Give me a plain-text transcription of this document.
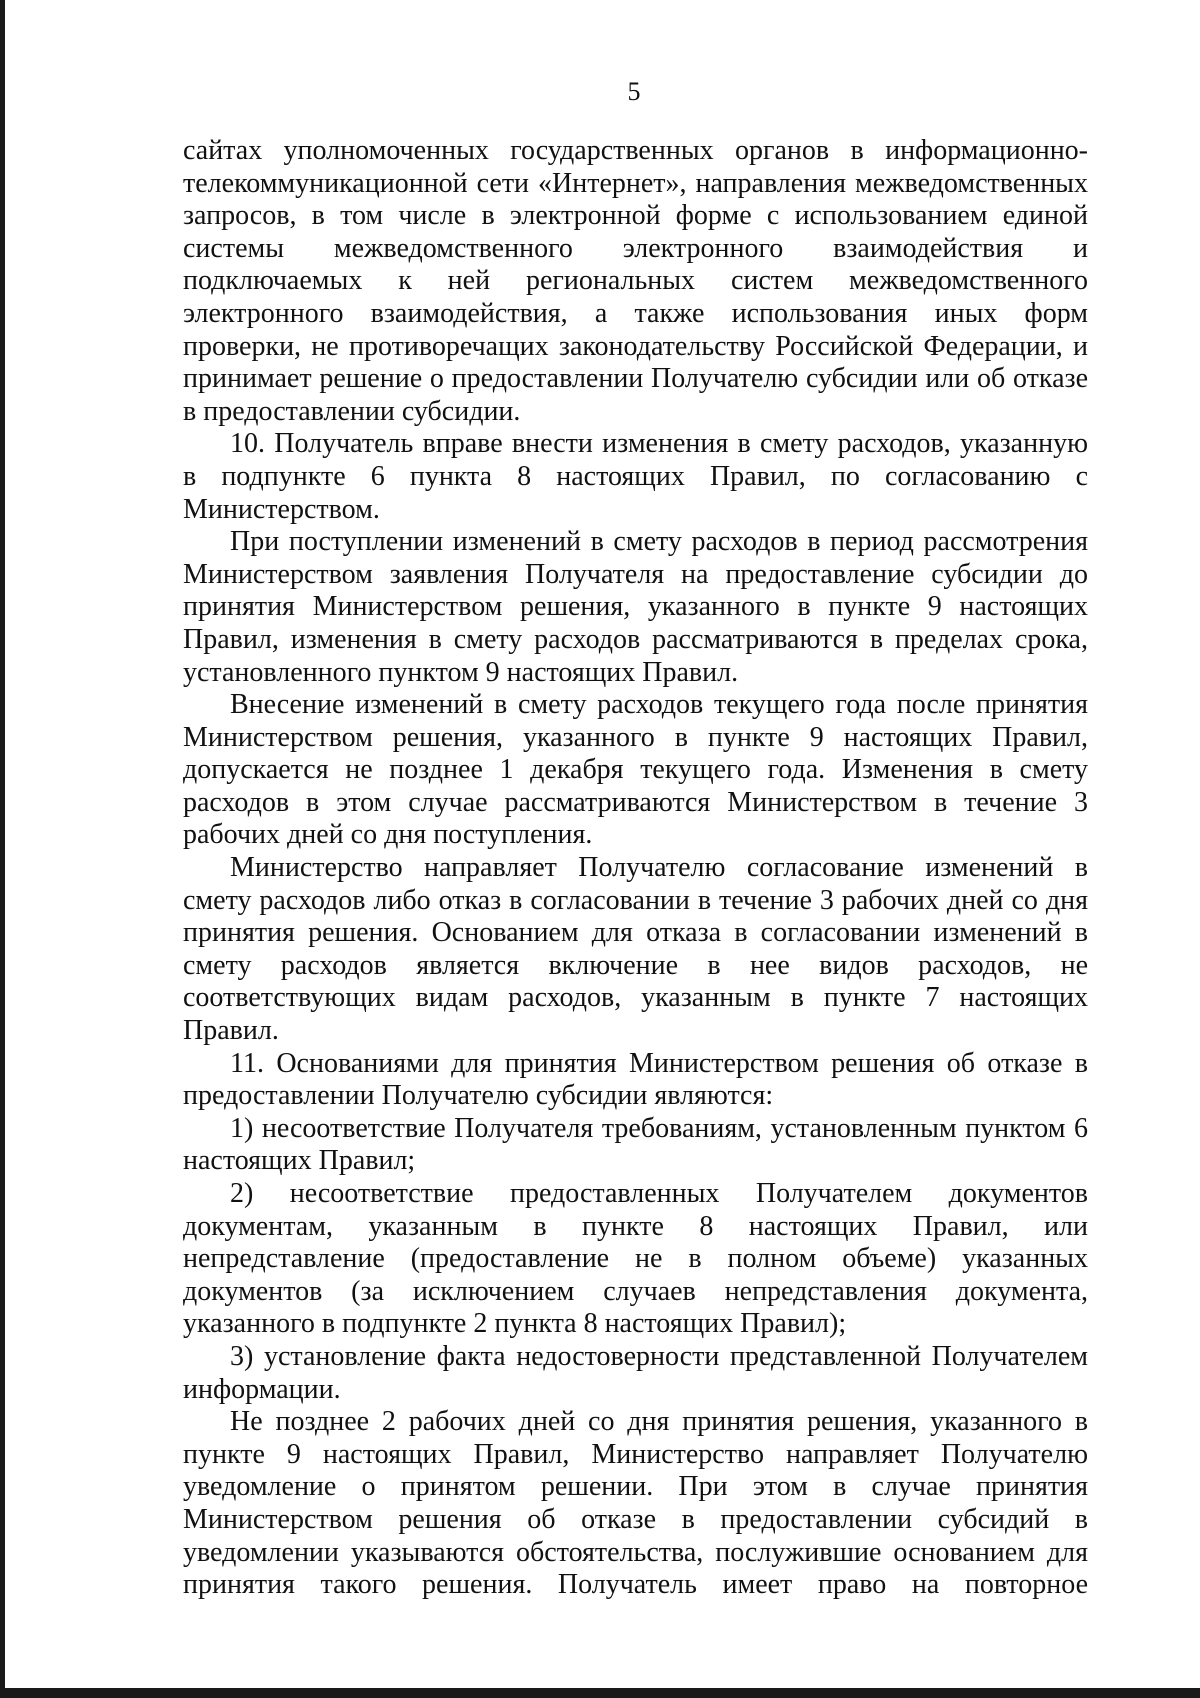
5

сайтах уполномоченных государственных органов в информационно-телекоммуникационной сети «Интернет», направления межведомственных запросов, в том числе в электронной форме с использованием единой системы межведомственного электронного взаимодействия и подключаемых к ней региональных систем межведомственного электронного взаимодействия, а также использования иных форм проверки, не противоречащих законодательству Российской Федерации, и принимает решение о предоставлении Получателю субсидии или об отказе в предоставлении субсидии.

10. Получатель вправе внести изменения в смету расходов, указанную в подпункте 6 пункта 8 настоящих Правил, по согласованию с Министерством.

При поступлении изменений в смету расходов в период рассмотрения Министерством заявления Получателя на предоставление субсидии до принятия Министерством решения, указанного в пункте 9 настоящих Правил, изменения в смету расходов рассматриваются в пределах срока, установленного пунктом 9 настоящих Правил.

Внесение изменений в смету расходов текущего года после принятия Министерством решения, указанного в пункте 9 настоящих Правил, допускается не позднее 1 декабря текущего года. Изменения в смету расходов в этом случае рассматриваются Министерством в течение 3 рабочих дней со дня поступления.

Министерство направляет Получателю согласование изменений в смету расходов либо отказ в согласовании в течение 3 рабочих дней со дня принятия решения. Основанием для отказа в согласовании изменений в смету расходов является включение в нее видов расходов, не соответствующих видам расходов, указанным в пункте 7 настоящих Правил.

11. Основаниями для принятия Министерством решения об отказе в предоставлении Получателю субсидии являются:

1) несоответствие Получателя требованиям, установленным пунктом 6 настоящих Правил;

2) несоответствие предоставленных Получателем документов документам, указанным в пункте 8 настоящих Правил, или непредставление (предоставление не в полном объеме) указанных документов (за исключением случаев непредставления документа, указанного в подпункте 2 пункта 8 настоящих Правил);

3) установление факта недостоверности представленной Получателем информации.

Не позднее 2 рабочих дней со дня принятия решения, указанного в пункте 9 настоящих Правил, Министерство направляет Получателю уведомление о принятом решении. При этом в случае принятия Министерством решения об отказе в предоставлении субсидий в уведомлении указываются обстоятельства, послужившие основанием для принятия такого решения. Получатель имеет право на повторное
